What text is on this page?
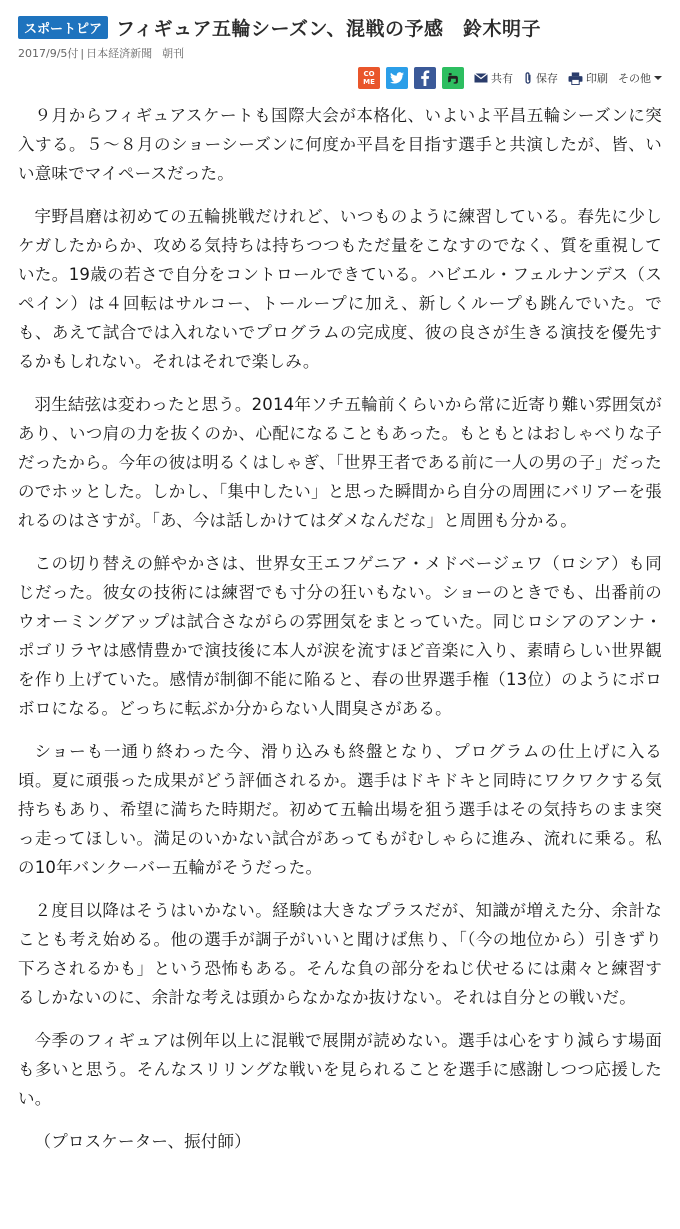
スポートピア フィギュア五輪シーズン、混戦の予感　鈴木明子
2017/9/5付 | 日本経済新聞 朝刊
COME	共有 保存	印刷 その他

９月からフィギュアスケートも国際大会が本格化、いよいよ平昌五輪シーズンに突入する。５～８月のショーシーズンに何度か平昌を目指す選手と共演したが、皆、いい意味でマイペースだった。

宇野昌磨は初めての五輪挑戦だけれど、いつものように練習している。春先に少しケガしたからか、攻める気持ちは持ちつつもただ量をこなすのでなく、質を重視していた。19歳の若さで自分をコントロールできている。ハビエル・フェルナンデス（スペイン）は４回転はサルコー、トーループに加え、新しくループも跳んでいた。でも、あえて試合では入れないでプログラムの完成度、彼の良さが生きる演技を優先するかもしれない。それはそれで楽しみ。

羽生結弦は変わったと思う。2014年ソチ五輪前くらいから常に近寄り難い雰囲気があり、いつ肩の力を抜くのか、心配になることもあった。もともとはおしゃべりな子だったから。今年の彼は明るくはしゃぎ、「世界王者である前に一人の男の子」だったのでホッとした。しかし、「集中したい」と思った瞬間から自分の周囲にバリアーを張れるのはさすが。「あ、今は話しかけてはダメなんだな」と周囲も分かる。

この切り替えの鮮やかさは、世界女王エフゲニア・メドベージェワ（ロシア）も同じだった。彼女の技術には練習でも寸分の狂いもない。ショーのときでも、出番前のウオーミングアップは試合さながらの雰囲気をまとっていた。同じロシアのアンナ・ポゴリラヤは感情豊かで演技後に本人が涙を流すほど音楽に入り、素晴らしい世界観を作り上げていた。感情が制御不能に陥ると、春の世界選手権（13位）のようにボロボロになる。どっちに転ぶか分からない人間臭さがある。

ショーも一通り終わった今、滑り込みも終盤となり、プログラムの仕上げに入る頃。夏に頑張った成果がどう評価されるか。選手はドキドキと同時にワクワクする気持ちもあり、希望に満ちた時期だ。初めて五輪出場を狙う選手はその気持ちのまま突っ走ってほしい。満足のいかない試合があってもがむしゃらに進み、流れに乗る。私の10年バンクーバー五輪がそうだった。

２度目以降はそうはいかない。経験は大きなプラスだが、知識が増えた分、余計なことも考え始める。他の選手が調子がいいと聞けば焦り、「（今の地位から）引きずり下ろされるかも」という恐怖もある。そんな負の部分をねじ伏せるには粛々と練習するしかないのに、余計な考えは頭からなかなか抜けない。それは自分との戦いだ。

今季のフィギュアは例年以上に混戦で展開が読めない。選手は心をすり減らす場面も多いと思う。そんなスリリングな戦いを見られることを選手に感謝しつつ応援したい。

（プロスケーター、振付師）
